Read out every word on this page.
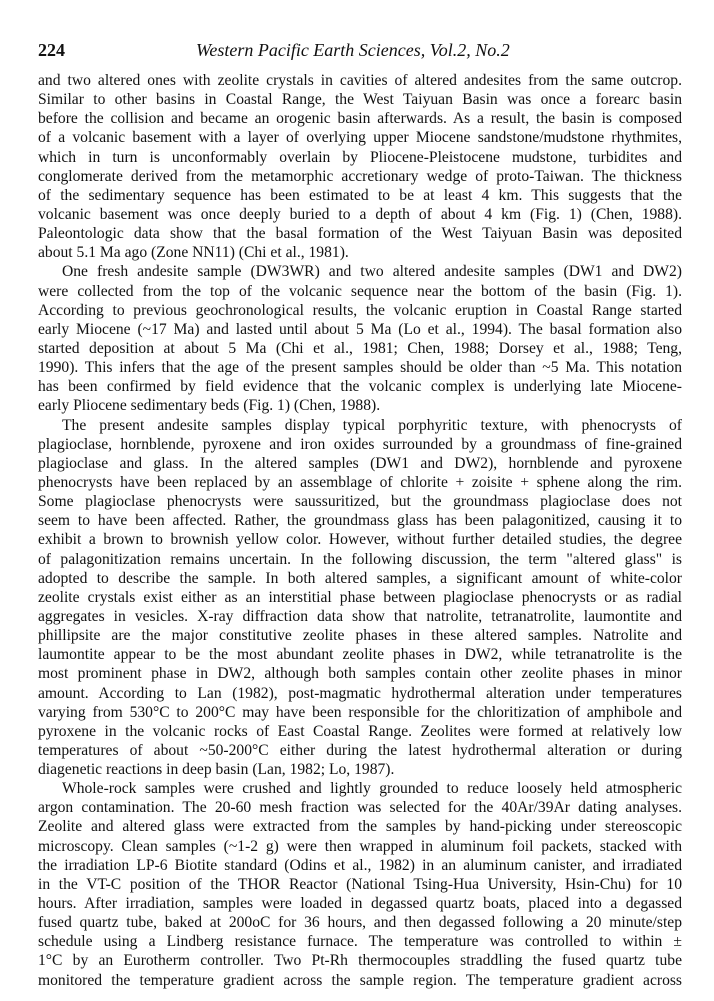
224	Western Pacific Earth Sciences, Vol.2, No.2
and two altered ones with zeolite crystals in cavities of altered andesites from the same outcrop.
Similar to other basins in Coastal Range, the West Taiyuan Basin was once a forearc basin
before the collision and became an orogenic basin afterwards. As a result, the basin is composed
of a volcanic basement with a layer of overlying upper Miocene sandstone/mudstone rhythmites,
which in turn is unconformably overlain by Pliocene-Pleistocene mudstone, turbidites and
conglomerate derived from the metamorphic accretionary wedge of proto-Taiwan. The thickness
of the sedimentary sequence has been estimated to be at least 4 km. This suggests that the
volcanic basement was once deeply buried to a depth of about 4 km (Fig. 1) (Chen, 1988).
Paleontologic data show that the basal formation of the West Taiyuan Basin was deposited
about 5.1 Ma ago (Zone NN11) (Chi et al., 1981).
One fresh andesite sample (DW3WR) and two altered andesite samples (DW1 and DW2)
were collected from the top of the volcanic sequence near the bottom of the basin (Fig. 1).
According to previous geochronological results, the volcanic eruption in Coastal Range started
early Miocene (~17 Ma) and lasted until about 5 Ma (Lo et al., 1994). The basal formation also
started deposition at about 5 Ma (Chi et al., 1981; Chen, 1988; Dorsey et al., 1988; Teng,
1990). This infers that the age of the present samples should be older than ~5 Ma. This notation
has been confirmed by field evidence that the volcanic complex is underlying late Miocene-
early Pliocene sedimentary beds (Fig. 1) (Chen, 1988).
The present andesite samples display typical porphyritic texture, with phenocrysts of
plagioclase, hornblende, pyroxene and iron oxides surrounded by a groundmass of fine-grained
plagioclase and glass. In the altered samples (DW1 and DW2), hornblende and pyroxene
phenocrysts have been replaced by an assemblage of chlorite + zoisite + sphene along the rim.
Some plagioclase phenocrysts were saussuritized, but the groundmass plagioclase does not
seem to have been affected. Rather, the groundmass glass has been palagonitized, causing it to
exhibit a brown to brownish yellow color. However, without further detailed studies, the degree
of palagonitization remains uncertain. In the following discussion, the term "altered glass" is
adopted to describe the sample. In both altered samples, a significant amount of white-color
zeolite crystals exist either as an interstitial phase between plagioclase phenocrysts or as radial
aggregates in vesicles. X-ray diffraction data show that natrolite, tetranatrolite, laumontite and
phillipsite are the major constitutive zeolite phases in these altered samples. Natrolite and
laumontite appear to be the most abundant zeolite phases in DW2, while tetranatrolite is the
most prominent phase in DW2, although both samples contain other zeolite phases in minor
amount. According to Lan (1982), post-magmatic hydrothermal alteration under temperatures
varying from 530°C to 200°C may have been responsible for the chloritization of amphibole and
pyroxene in the volcanic rocks of East Coastal Range. Zeolites were formed at relatively low
temperatures of about ~50-200°C either during the latest hydrothermal alteration or during
diagenetic reactions in deep basin (Lan, 1982; Lo, 1987).
Whole-rock samples were crushed and lightly grounded to reduce loosely held atmospheric
argon contamination. The 20-60 mesh fraction was selected for the 40Ar/39Ar dating analyses.
Zeolite and altered glass were extracted from the samples by hand-picking under stereoscopic
microscopy. Clean samples (~1-2 g) were then wrapped in aluminum foil packets, stacked with
the irradiation LP-6 Biotite standard (Odins et al., 1982) in an aluminum canister, and irradiated
in the VT-C position of the THOR Reactor (National Tsing-Hua University, Hsin-Chu) for 10
hours. After irradiation, samples were loaded in degassed quartz boats, placed into a degassed
fused quartz tube, baked at 200oC for 36 hours, and then degassed following a 20 minute/step
schedule using a Lindberg resistance furnace. The temperature was controlled to within ±
1°C by an Eurotherm controller. Two Pt-Rh thermocouples straddling the fused quartz tube
monitored the temperature gradient across the sample region. The temperature gradient across
